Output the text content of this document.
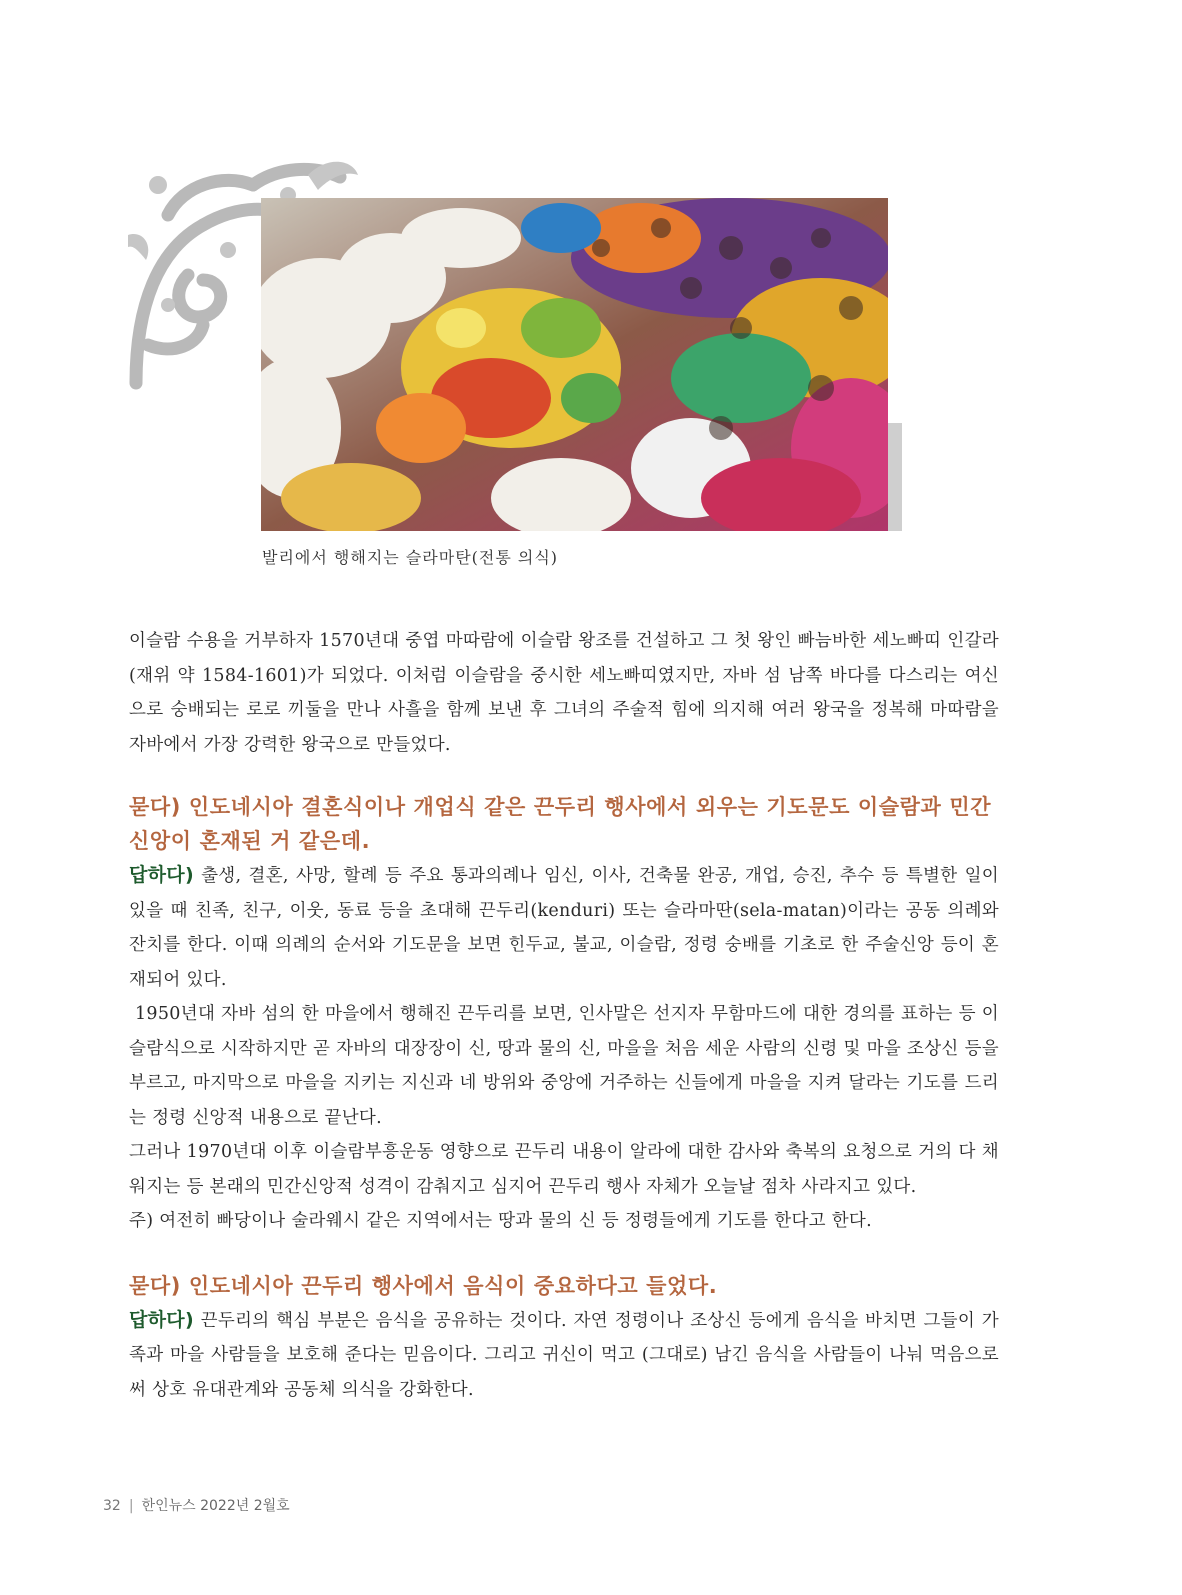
발리에서 행해지는 슬라마탄(전통 의식)

이슬람 수용을 거부하자 1570년대 중엽 마따람에 이슬람 왕조를 건설하고 그 첫 왕인 빠늠바한 세노빠띠 인갈라(재위 약 1584-1601)가 되었다. 이처럼 이슬람을 중시한 세노빠띠였지만, 자바 섬 남쪽 바다를 다스리는 여신으로 숭배되는 로로 끼둘을 만나 사흘을 함께 보낸 후 그녀의 주술적 힘에 의지해 여러 왕국을 정복해 마따람을 자바에서 가장 강력한 왕국으로 만들었다.

묻다) 인도네시아 결혼식이나 개업식 같은 끈두리 행사에서 외우는 기도문도 이슬람과 민간신앙이 혼재된 거 같은데.

답하다) 출생, 결혼, 사망, 할례 등 주요 통과의례나 임신, 이사, 건축물 완공, 개업, 승진, 추수 등 특별한 일이 있을 때 친족, 친구, 이웃, 동료 등을 초대해 끈두리(kenduri) 또는 슬라마딴(sela-matan)이라는 공동 의례와 잔치를 한다. 이때 의례의 순서와 기도문을 보면 힌두교, 불교, 이슬람, 정령 숭배를 기초로 한 주술신앙 등이 혼재되어 있다.

1950년대 자바 섬의 한 마을에서 행해진 끈두리를 보면, 인사말은 선지자 무함마드에 대한 경의를 표하는 등 이슬람식으로 시작하지만 곧 자바의 대장장이 신, 땅과 물의 신, 마을을 처음 세운 사람의 신령 및 마을 조상신 등을 부르고, 마지막으로 마을을 지키는 지신과 네 방위와 중앙에 거주하는 신들에게 마을을 지켜 달라는 기도를 드리는 정령 신앙적 내용으로 끝난다.

그러나 1970년대 이후 이슬람부흥운동 영향으로 끈두리 내용이 알라에 대한 감사와 축복의 요청으로 거의 다 채워지는 등 본래의 민간신앙적 성격이 감춰지고 심지어 끈두리 행사 자체가 오늘날 점차 사라지고 있다.

주) 여전히 빠당이나 술라웨시 같은 지역에서는 땅과 물의 신 등 정령들에게 기도를 한다고 한다.

묻다) 인도네시아 끈두리 행사에서 음식이 중요하다고 들었다.

답하다) 끈두리의 핵심 부분은 음식을 공유하는 것이다. 자연 정령이나 조상신 등에게 음식을 바치면 그들이 가족과 마을 사람들을 보호해 준다는 믿음이다. 그리고 귀신이 먹고 (그대로) 남긴 음식을 사람들이 나눠 먹음으로써 상호 유대관계와 공동체 의식을 강화한다.

32 | 한인뉴스 2022년 2월호
